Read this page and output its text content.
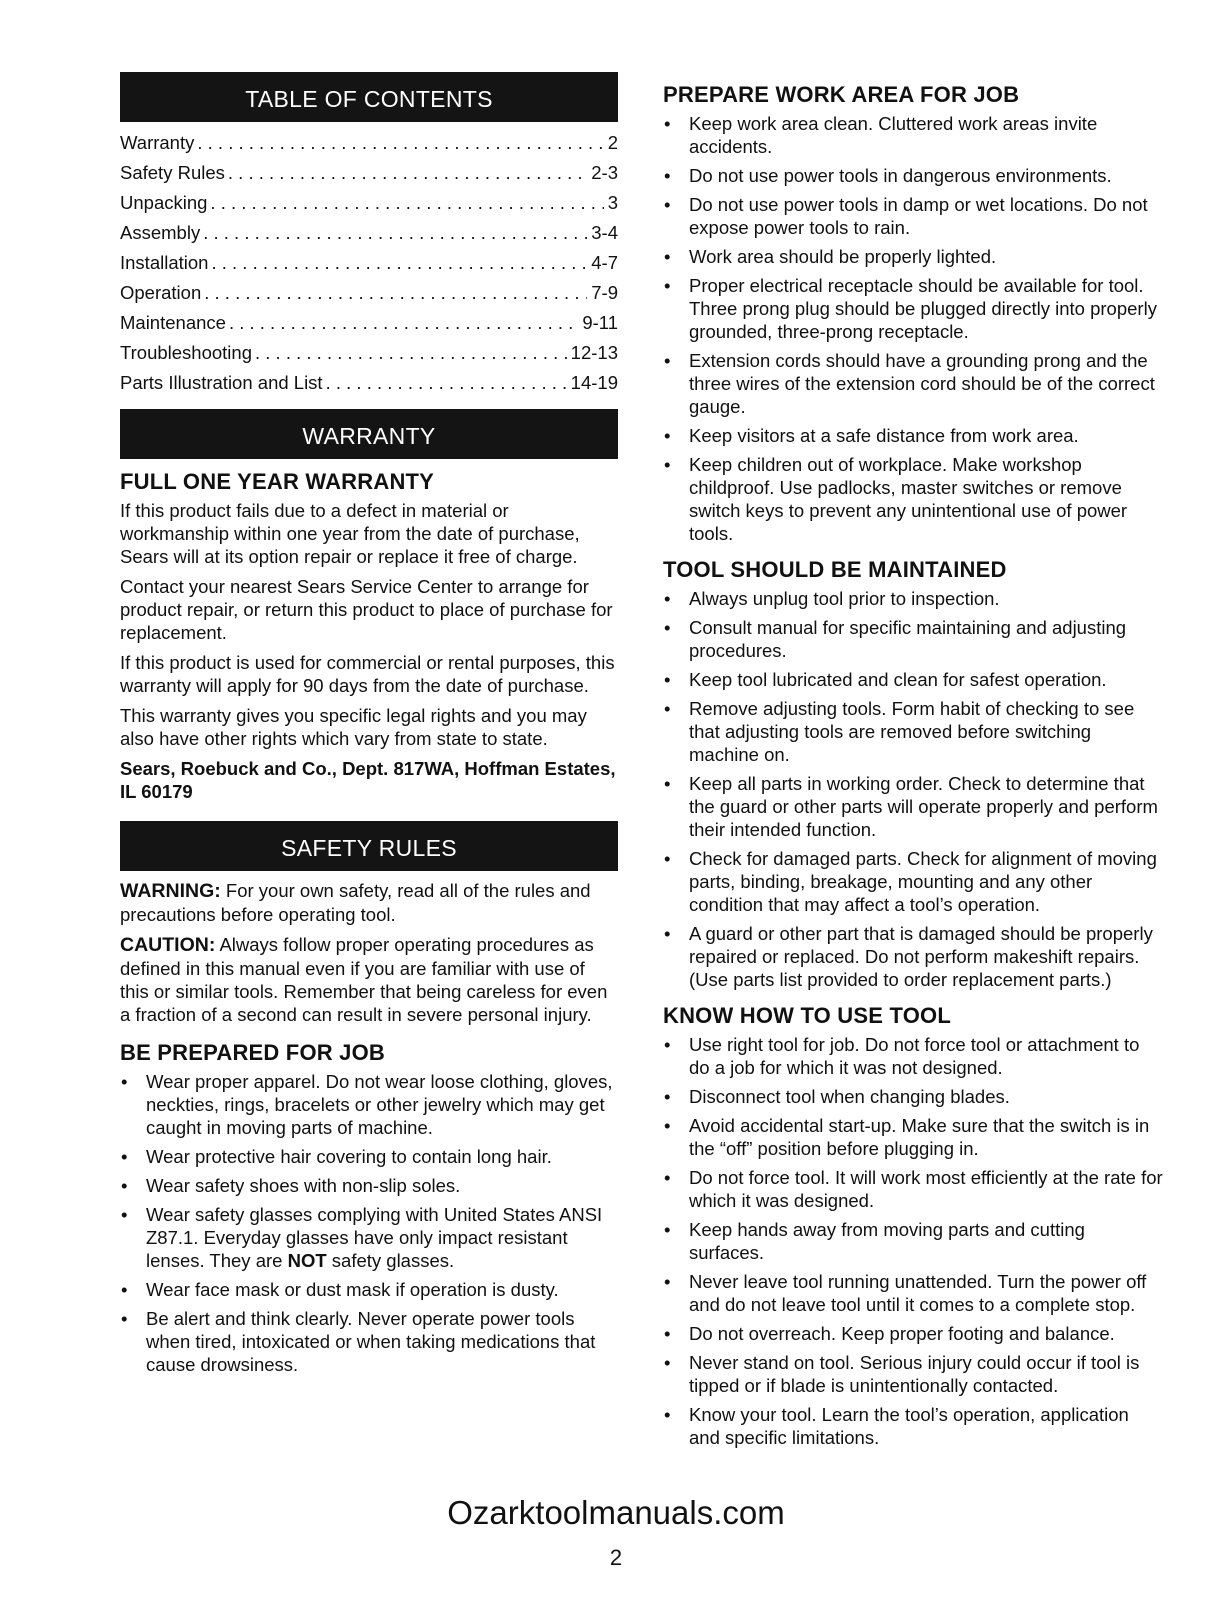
TABLE OF CONTENTS
Warranty . . .	2
Safety Rules . . .	2-3
Unpacking . . .	3
Assembly . . .	3-4
Installation . . .	4-7
Operation . . .	7-9
Maintenance . . .	9-11
Troubleshooting . . .	12-13
Parts Illustration and List . . .	14-19
WARRANTY
FULL ONE YEAR WARRANTY

If this product fails due to a defect in material or workmanship within one year from the date of purchase, Sears will at its option repair or replace it free of charge.

Contact your nearest Sears Service Center to arrange for product repair, or return this product to place of purchase for replacement.

If this product is used for commercial or rental purposes, this warranty will apply for 90 days from the date of purchase.

This warranty gives you specific legal rights and you may also have other rights which vary from state to state.

Sears, Roebuck and Co., Dept. 817WA, Hoffman Estates, IL 60179

SAFETY RULES

WARNING: For your own safety, read all of the rules and precautions before operating tool.

CAUTION: Always follow proper operating procedures as defined in this manual even if you are familiar with use of this or similar tools. Remember that being careless for even a fraction of a second can result in severe personal injury.

BE PREPARED FOR JOB
• Wear proper apparel. Do not wear loose clothing, gloves, neckties, rings, bracelets or other jewelry which may get caught in moving parts of machine.
• Wear protective hair covering to contain long hair.
• Wear safety shoes with non-slip soles.
• Wear safety glasses complying with United States ANSI Z87.1. Everyday glasses have only impact resistant lenses. They are NOT safety glasses.
• Wear face mask or dust mask if operation is dusty.
• Be alert and think clearly. Never operate power tools when tired, intoxicated or when taking medications that cause drowsiness.
PREPARE WORK AREA FOR JOB
• Keep work area clean. Cluttered work areas invite accidents.
• Do not use power tools in dangerous environments.
• Do not use power tools in damp or wet locations. Do not expose power tools to rain.
• Work area should be properly lighted.
• Proper electrical receptacle should be available for tool. Three prong plug should be plugged directly into properly grounded, three-prong receptacle.
• Extension cords should have a grounding prong and the three wires of the extension cord should be of the correct gauge.
• Keep visitors at a safe distance from work area.
• Keep children out of workplace. Make workshop childproof. Use padlocks, master switches or remove switch keys to prevent any unintentional use of power tools.
TOOL SHOULD BE MAINTAINED
• Always unplug tool prior to inspection.
• Consult manual for specific maintaining and adjusting procedures.
• Keep tool lubricated and clean for safest operation.
• Remove adjusting tools. Form habit of checking to see that adjusting tools are removed before switching machine on.
• Keep all parts in working order. Check to determine that the guard or other parts will operate properly and perform their intended function.
• Check for damaged parts. Check for alignment of moving parts, binding, breakage, mounting and any other condition that may affect a tool’s operation.
• A guard or other part that is damaged should be properly repaired or replaced. Do not perform makeshift repairs. (Use parts list provided to order replacement parts.)
KNOW HOW TO USE TOOL
• Use right tool for job. Do not force tool or attachment to do a job for which it was not designed.
• Disconnect tool when changing blades.
• Avoid accidental start-up. Make sure that the switch is in the “off” position before plugging in.
• Do not force tool. It will work most efficiently at the rate for which it was designed.
• Keep hands away from moving parts and cutting surfaces.
• Never leave tool running unattended. Turn the power off and do not leave tool until it comes to a complete stop.
• Do not overreach. Keep proper footing and balance.
• Never stand on tool. Serious injury could occur if tool is tipped or if blade is unintentionally contacted.
• Know your tool. Learn the tool’s operation, application and specific limitations.
Ozarktoolmanuals.com
2
